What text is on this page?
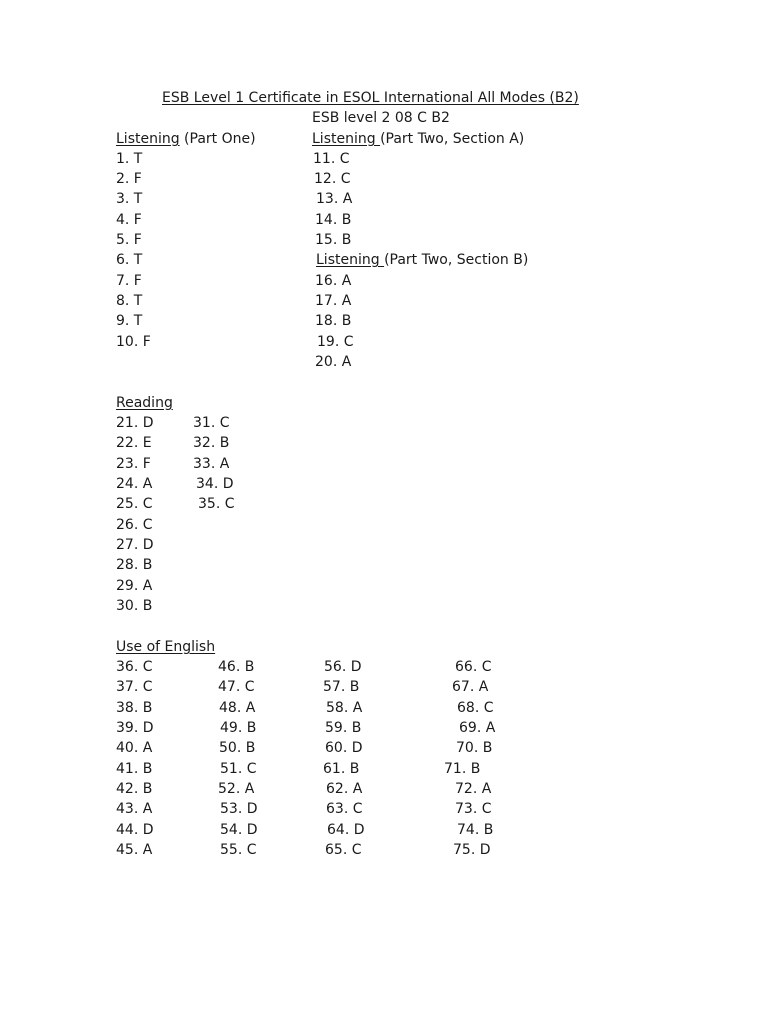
ESB Level 1 Certificate in ESOL International All Modes (B2)
ESB level 2 08 C B2
Listening (Part One)	Listening (Part Two, Section A)
1. T
2. F
3. T
4. F
5. F
6. T
7. F
8. T
9. T
10. F
11. C
12. C
13. A
14. B
15. B
Listening (Part Two, Section B)
16. A
17. A
18. B
19. C
20. A
Reading
21. D
22. E
23. F
24. A
25. C
26. C
27. D
28. B
29. A
30. B
31. C
32. B
33. A
34. D
35. C
Use of English
36. C
37. C
38. B
39. D
40. A
41. B
42. B
43. A
44. D
45. A
46. B
47. C
48. A
49. B
50. B
51. C
52. A
53. D
54. D
55. C
56. D
57. B
58. A
59. B
60. D
61. B
62. A
63. C
64. D
65. C
66. C
67. A
68. C
69. A
70. B
71. B
72. A
73. C
74. B
75. D
